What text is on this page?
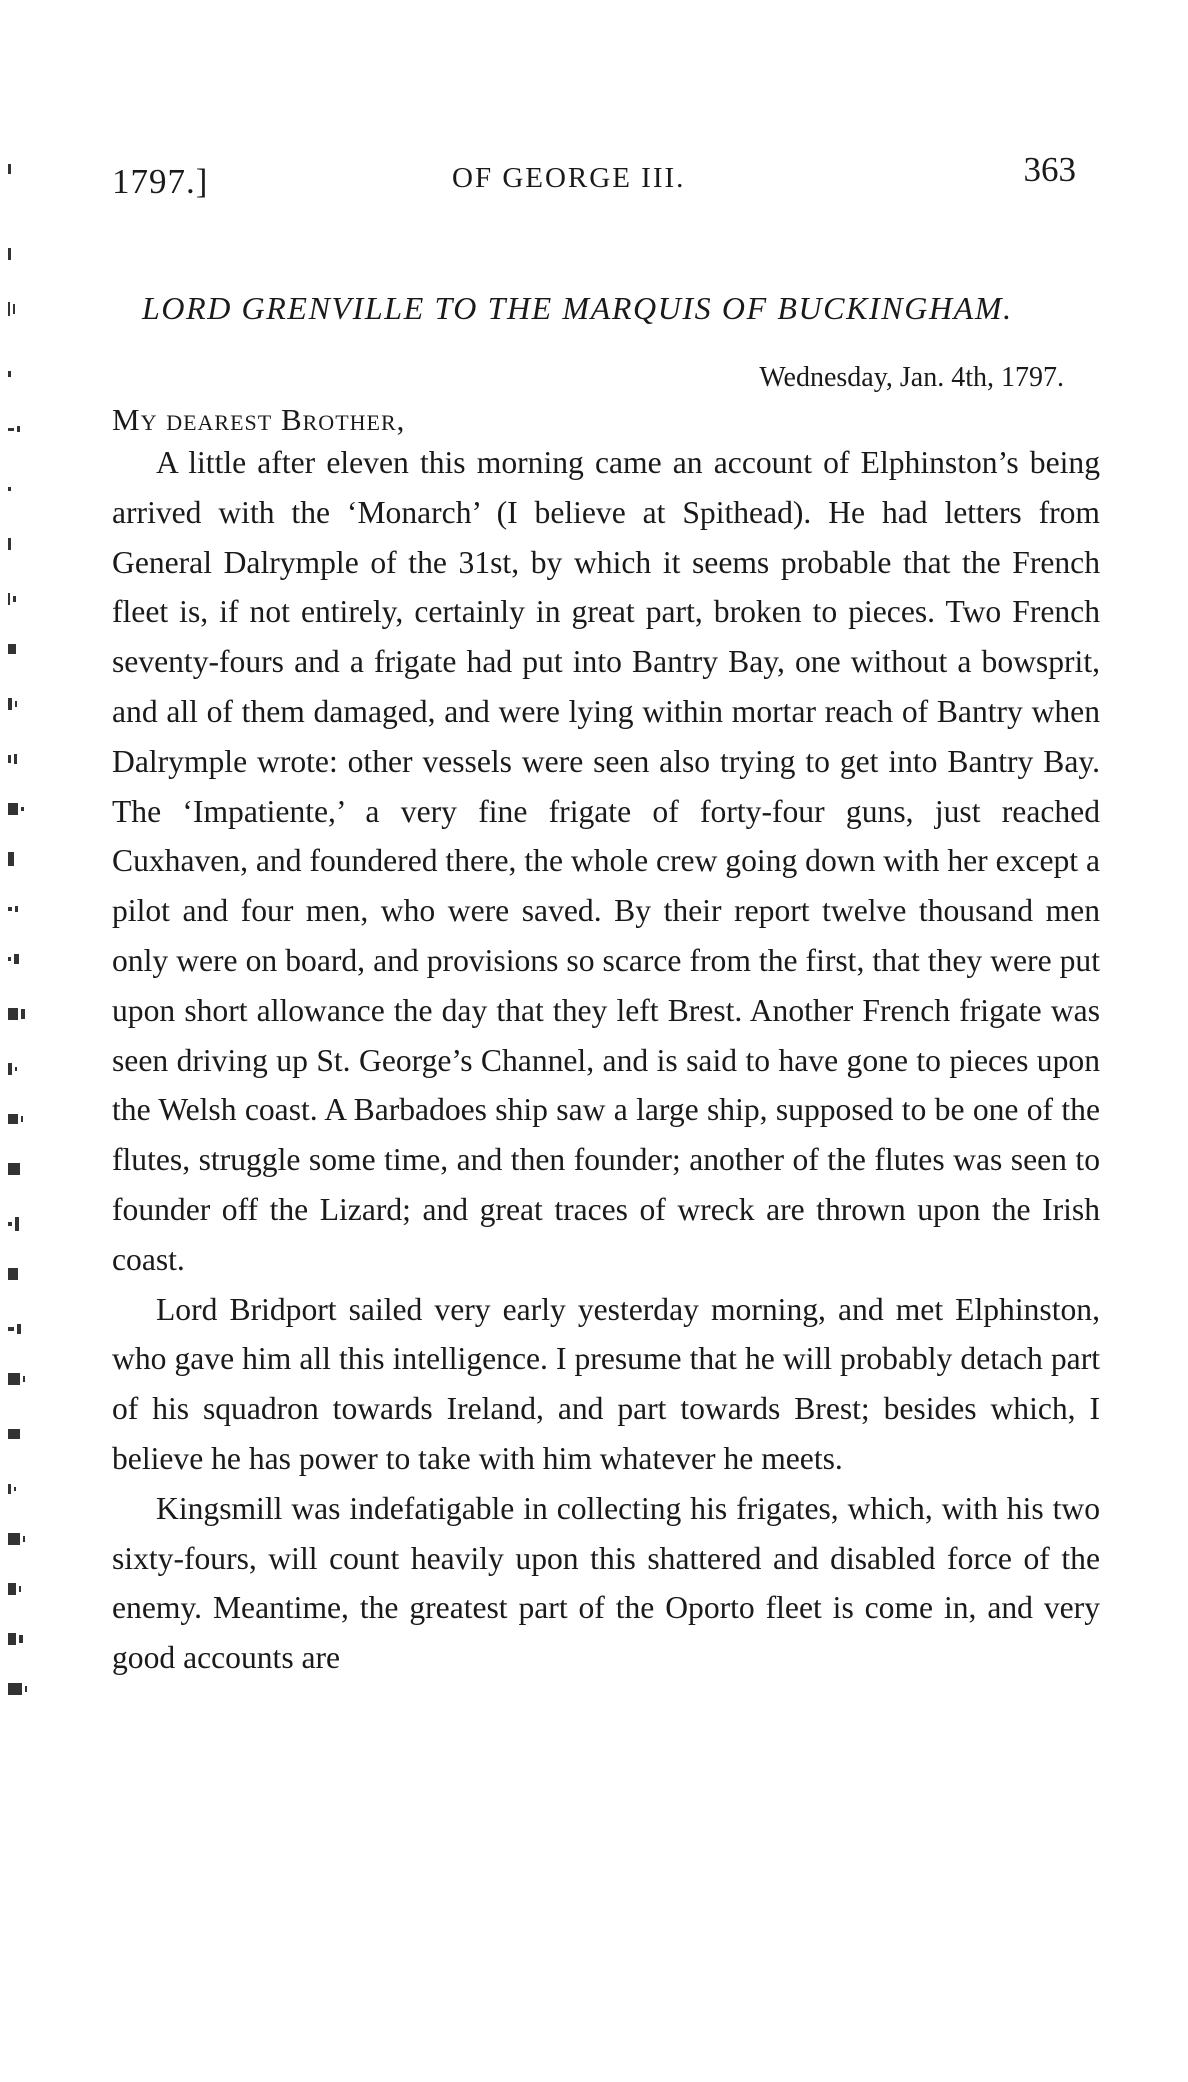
1797.]	OF GEORGE III.	363
LORD GRENVILLE TO THE MARQUIS OF BUCKINGHAM.
Wednesday, Jan. 4th, 1797.
My dearest Brother,

A little after eleven this morning came an account of Elphinston’s being arrived with the ‘Monarch’ (I believe at Spithead). He had letters from General Dalrymple of the 31st, by which it seems probable that the French fleet is, if not entirely, certainly in great part, broken to pieces. Two French seventy-fours and a frigate had put into Bantry Bay, one without a bowsprit, and all of them damaged, and were lying within mortar reach of Bantry when Dalrymple wrote: other vessels were seen also trying to get into Bantry Bay. The ‘Impatiente,’ a very fine frigate of forty-four guns, just reached Cuxhaven, and foundered there, the whole crew going down with her except a pilot and four men, who were saved. By their report twelve thousand men only were on board, and provisions so scarce from the first, that they were put upon short allowance the day that they left Brest. Another French frigate was seen driving up St. George’s Channel, and is said to have gone to pieces upon the Welsh coast. A Barbadoes ship saw a large ship, supposed to be one of the flutes, struggle some time, and then founder; another of the flutes was seen to founder off the Lizard; and great traces of wreck are thrown upon the Irish coast.

Lord Bridport sailed very early yesterday morning, and met Elphinston, who gave him all this intelligence. I presume that he will probably detach part of his squadron towards Ireland, and part towards Brest; besides which, I believe he has power to take with him whatever he meets.

Kingsmill was indefatigable in collecting his frigates, which, with his two sixty-fours, will count heavily upon this shattered and disabled force of the enemy. Meantime, the greatest part of the Oporto fleet is come in, and very good accounts are
